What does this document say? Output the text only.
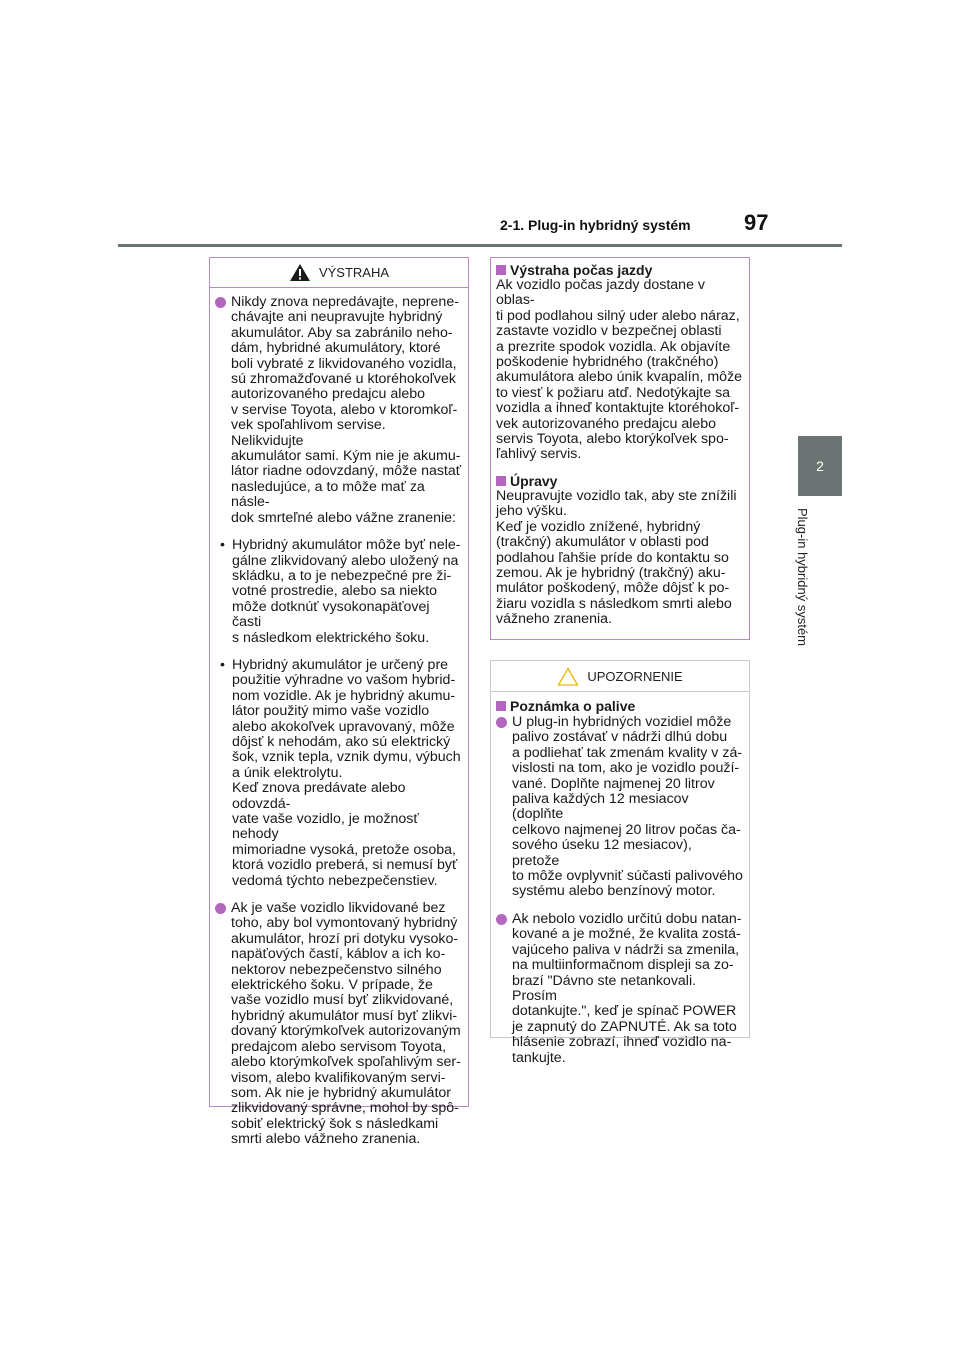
2-1. Plug-in hybridný systém 97
2
Plug-in hybridný systém
VÝSTRAHA
Nikdy znova nepredávajte, neprene-
chávajte ani neupravujte hybridný
akumulátor. Aby sa zabránilo neho-
dám, hybridné akumulátory, ktoré
boli vybraté z likvidovaného vozidla,
sú zhromažďované u ktoréhokoľvek
autorizovaného predajcu alebo
v servise Toyota, alebo v ktoromkoľ-
vek spoľahlivom servise. Nelikvidujte
akumulátor sami. Kým nie je akumu-
látor riadne odovzdaný, môže nastať
nasledujúce, a to môže mať za násle-
dok smrteľné alebo vážne zranenie:
• Hybridný akumulátor môže byť nele-
gálne zlikvidovaný alebo uložený na
skládku, a to je nebezpečné pre ži-
votné prostredie, alebo sa niekto
môže dotknúť vysokonapäťovej časti
s následkom elektrického šoku.
• Hybridný akumulátor je určený pre
použitie výhradne vo vašom hybrid-
nom vozidle. Ak je hybridný akumu-
látor použitý mimo vaše vozidlo
alebo akokoľvek upravovaný, môže
dôjsť k nehodám, ako sú elektrický
šok, vznik tepla, vznik dymu, výbuch
a únik elektrolytu.
Keď znova predávate alebo odovzdá-
vate vaše vozidlo, je možnosť nehody
mimoriadne vysoká, pretože osoba,
ktorá vozidlo preberá, si nemusí byť
vedomá týchto nebezpečenstiev.
Ak je vaše vozidlo likvidované bez
toho, aby bol vymontovaný hybridný
akumulátor, hrozí pri dotyku vysoko-
napäťových častí, káblov a ich ko-
nektorov nebezpečenstvo silného
elektrického šoku. V prípade, že
vaše vozidlo musí byť zlikvidované,
hybridný akumulátor musí byť zlikvi-
dovaný ktorýmkoľvek autorizovaným
predajcom alebo servisom Toyota,
alebo ktorýmkoľvek spoľahlivým ser-
visom, alebo kvalifikovaným servi-
som. Ak nie je hybridný akumulátor
zlikvidovaný správne, mohol by spô-
sobiť elektrický šok s následkami
smrti alebo vážneho zranenia.
Výstraha počas jazdy
Ak vozidlo počas jazdy dostane v oblas-
ti pod podlahou silný uder alebo náraz,
zastavte vozidlo v bezpečnej oblasti
a prezrite spodok vozidla. Ak objavíte
poškodenie hybridného (trakčného)
akumulátora alebo únik kvapalín, môže
to viesť k požiaru atď. Nedotýkajte sa
vozidla a ihneď kontaktujte ktoréhokoľ-
vek autorizovaného predajcu alebo
servis Toyota, alebo ktorýkoľvek spo-
ľahlivý servis.
Úpravy
Neupravujte vozidlo tak, aby ste znížili
jeho výšku.
Keď je vozidlo znížené, hybridný
(trakčný) akumulátor v oblasti pod
podlahou ľahšie príde do kontaktu so
zemou. Ak je hybridný (trakčný) aku-
mulátor poškodený, môže dôjsť k po-
žiaru vozidla s následkom smrti alebo
vážneho zranenia.
UPOZORNENIE
Poznámka o palive
U plug-in hybridných vozidiel môže
palivo zostávať v nádrži dlhú dobu
a podliehať tak zmenám kvality v zá-
vislosti na tom, ako je vozidlo použí-
vané. Doplňte najmenej 20 litrov
paliva každých 12 mesiacov (doplňte
celkovo najmenej 20 litrov počas ča-
sového úseku 12 mesiacov), pretože
to môže ovplyvniť súčasti palivového
systému alebo benzínový motor.
Ak nebolo vozidlo určitú dobu natan-
kované a je možné, že kvalita zostá-
vajúceho paliva v nádrži sa zmenila,
na multiinformačnom displeji sa zo-
brazí "Dávno ste netankovali. Prosím
dotankujte.", keď je spínač POWER
je zapnutý do ZAPNUTÉ. Ak sa toto
hlásenie zobrazí, ihneď vozidlo na-
tankujte.
